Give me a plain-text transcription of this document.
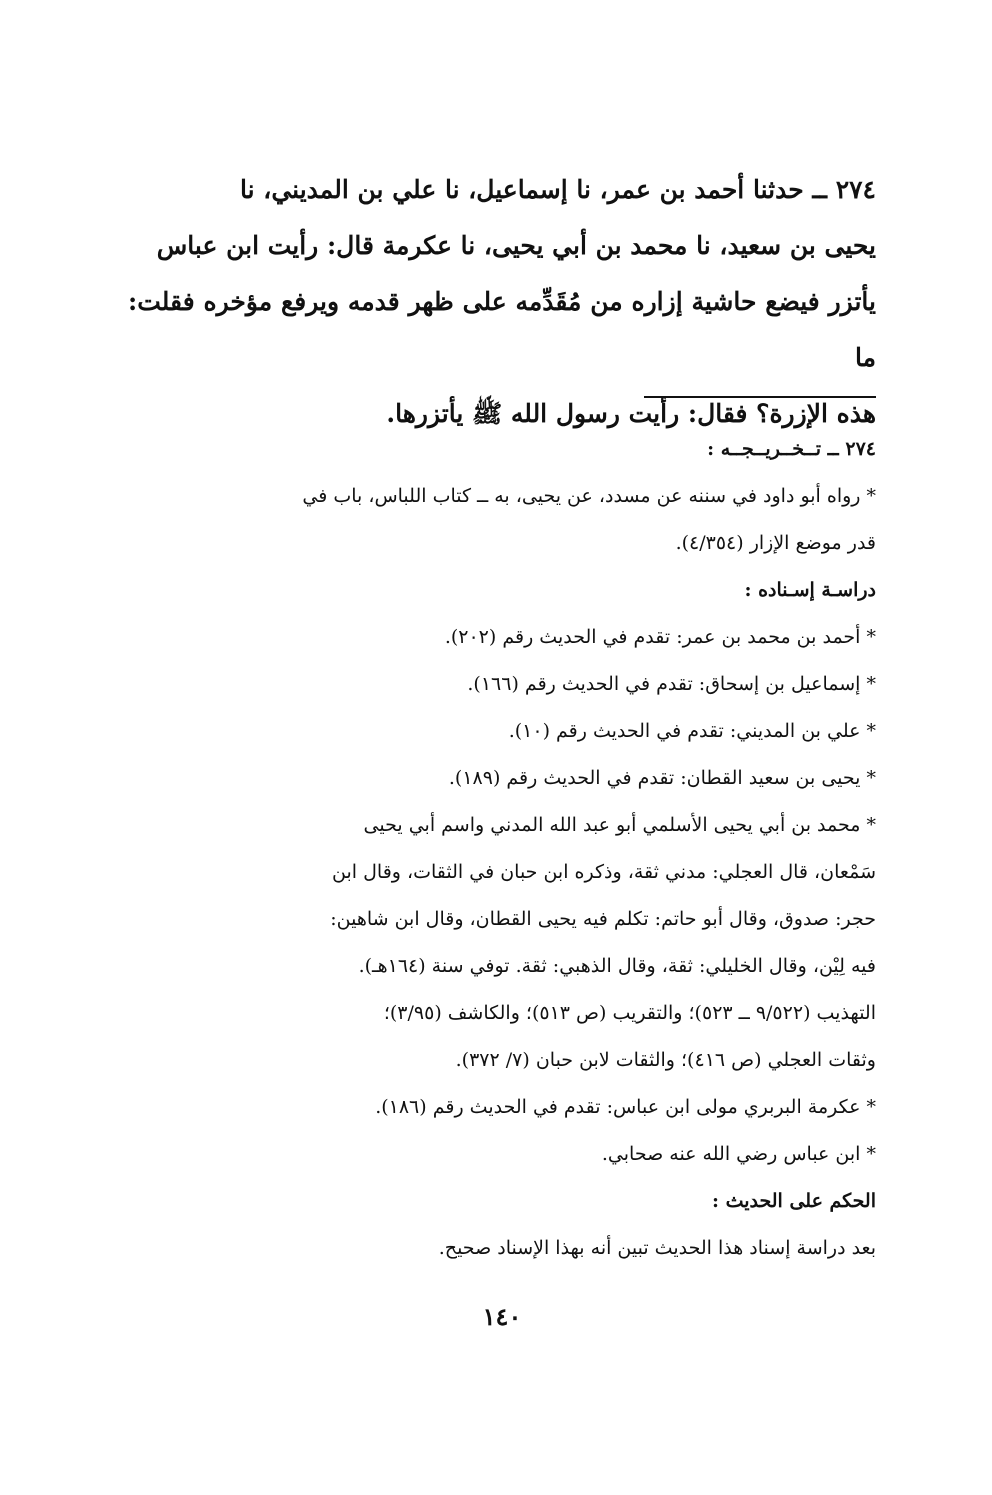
٢٧٤ ــ حدثنا أحمد بن عمر، نا إسماعيل، نا علي بن المديني، نا
يحيى بن سعيد، نا محمد بن أبي يحيى، نا عكرمة قال: رأيت ابن عباس
يأتزر فيضع حاشية إزاره من مُقَدِّمه على ظهر قدمه ويرفع مؤخره فقلت: ما
هذه الإزرة؟ فقال: رأيت رسول الله ﷺ يأتزرها.

٢٧٤ ــ تــخــريــجــه :

* رواه أبو داود في سننه عن مسدد، عن يحيى، به ــ كتاب اللباس، باب في

قدر موضع الإزار (٤/٣٥٤).

دراسـة إسـناده :

* أحمد بن محمد بن عمر: تقدم في الحديث رقم (٢٠٢).

* إسماعيل بن إسحاق: تقدم في الحديث رقم (١٦٦).

* علي بن المديني: تقدم في الحديث رقم (١٠).

* يحيى بن سعيد القطان: تقدم في الحديث رقم (١٨٩).

* محمد بن أبي يحيى الأسلمي أبو عبد الله المدني واسم أبي يحيى

سَمْعان، قال العجلي: مدني ثقة، وذكره ابن حبان في الثقات، وقال ابن

حجر: صدوق، وقال أبو حاتم: تكلم فيه يحيى القطان، وقال ابن شاهين:

فيه لِيْن، وقال الخليلي: ثقة، وقال الذهبي: ثقة. توفي سنة (١٦٤هـ).

التهذيب (٩/٥٢٢ ــ ٥٢٣)؛ والتقريب (ص ٥١٣)؛ والكاشف (٣/٩٥)؛

وثقات العجلي (ص ٤١٦)؛ والثقات لابن حبان (٧/ ٣٧٢).

* عكرمة البربري مولى ابن عباس: تقدم في الحديث رقم (١٨٦).

* ابن عباس رضي الله عنه صحابي.

الحكم على الحديث :

بعد دراسة إسناد هذا الحديث تبين أنه بهذا الإسناد صحيح.

١٤٠
